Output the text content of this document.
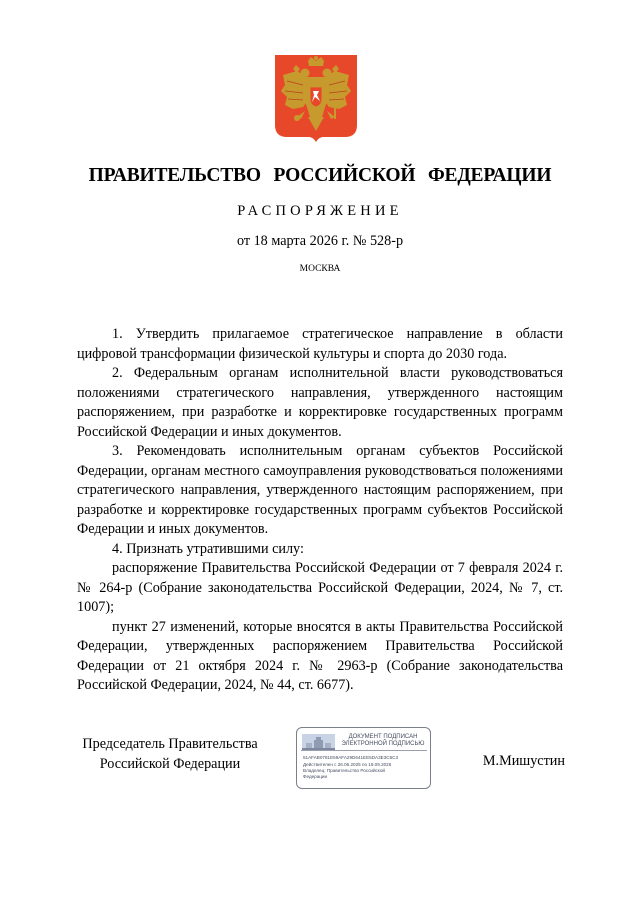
ПРАВИТЕЛЬСТВО РОССИЙСКОЙ ФЕДЕРАЦИИ
РАСПОРЯЖЕНИЕ
от 18 марта 2026 г. № 528-р
МОСКВА

1. Утвердить прилагаемое стратегическое направление в области цифровой трансформации физической культуры и спорта до 2030 года.

2. Федеральным органам исполнительной власти руководствоваться положениями стратегического направления, утвержденного настоящим распоряжением, при разработке и корректировке государственных программ Российской Федерации и иных документов.

3. Рекомендовать исполнительным органам субъектов Российской Федерации, органам местного самоуправления руководствоваться положениями стратегического направления, утвержденного настоящим распоряжением, при разработке и корректировке государственных программ субъектов Российской Федерации и иных документов.

4. Признать утратившими силу:

распоряжение Правительства Российской Федерации от 7 февраля 2024 г. № 264-р (Собрание законодательства Российской Федерации, 2024, № 7, ст. 1007);

пункт 27 изменений, которые вносятся в акты Правительства Российской Федерации, утвержденных распоряжением Правительства Российской Федерации от 21 октября 2024 г. № 2963-р (Собрание законодательства Российской Федерации, 2024, № 44, ст. 6677).

Председатель Правительства
Российской Федерации
ДОКУМЕНТ ПОДПИСАН
ЭЛЕКТРОННОЙ ПОДПИСЬЮ
51AFAB0781E59AFA29D641EE5DA3E3C6C3
Действителен с 26.06.2025 по 19.09.2026
Владелец: Правительство Российской
Федерации
М.Мишустин
